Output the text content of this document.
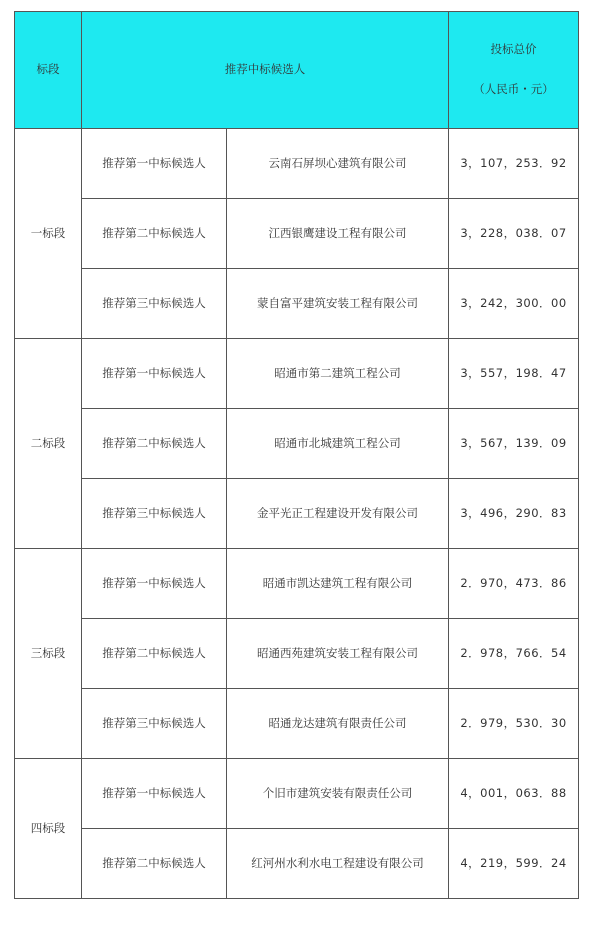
标段	推荐中标候选人		投标总价
（人民币・元）

一标段	推荐第一中标候选人	云南石屏坝心建筑有限公司	3，107，253．92
	推荐第二中标候选人	江西银鹰建设工程有限公司	3，228，038．07
	推荐第三中标候选人	蒙自富平建筑安装工程有限公司	3，242，300．00
二标段	推荐第一中标候选人	昭通市第二建筑工程公司	3，557，198．47
	推荐第二中标候选人	昭通市北城建筑工程公司	3，567，139．09
	推荐第三中标候选人	金平光正工程建设开发有限公司	3，496，290．83
三标段	推荐第一中标候选人	昭通市凯达建筑工程有限公司	2．970，473．86
	推荐第二中标候选人	昭通西苑建筑安装工程有限公司	2．978，766．54
	推荐第三中标候选人	昭通龙达建筑有限责任公司	2．979，530．30
四标段	推荐第一中标候选人	个旧市建筑安装有限责任公司	4，001，063．88
	推荐第二中标候选人	红河州水利水电工程建设有限公司	4，219，599．24
